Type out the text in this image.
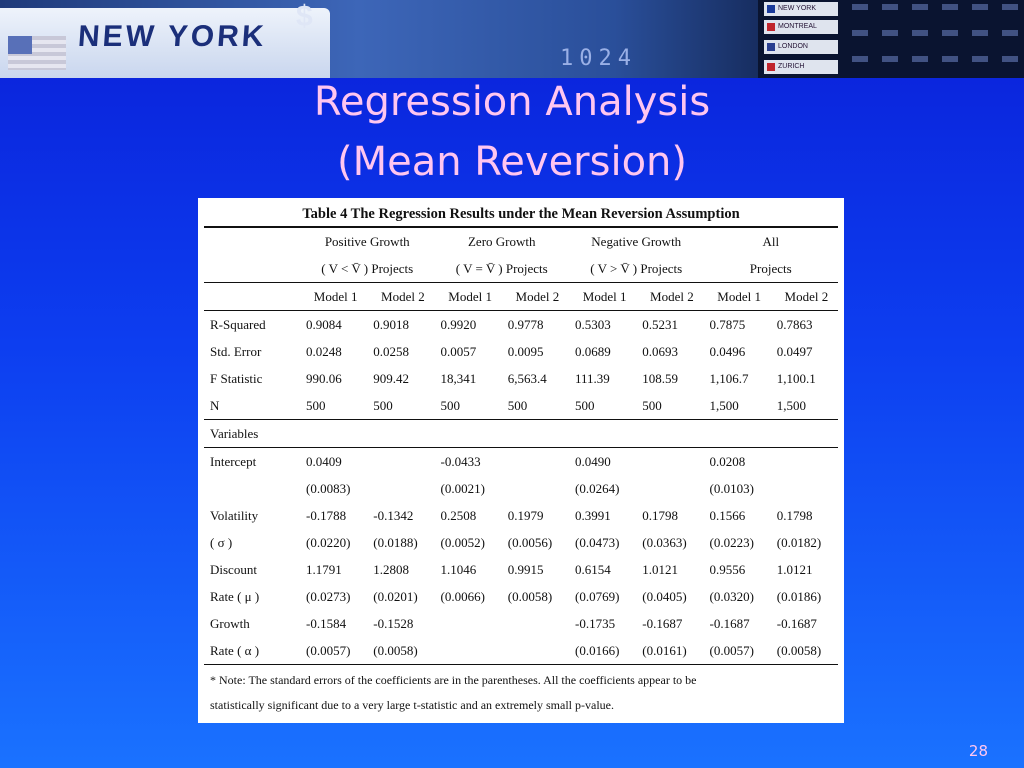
NEW YORK
$
1024
NEW YORK
MONTREAL
LONDON
ZURICH
Regression Analysis
(Mean Reversion)
Table 4 The Regression Results under the Mean Reversion Assumption
	Positive Growth		Zero Growth		Negative Growth		All	
	( V < V̄ ) Projects		( V = V̄ ) Projects		( V > V̄ ) Projects		Projects	
	Model 1	Model 2	Model 1	Model 2	Model 1	Model 2	Model 1	Model 2
R-Squared	0.9084	0.9018	0.9920	0.9778	0.5303	0.5231	0.7875	0.7863
Std. Error	0.0248	0.0258	0.0057	0.0095	0.0689	0.0693	0.0496	0.0497
F Statistic	990.06	909.42	18,341	6,563.4	111.39	108.59	1,106.7	1,100.1
N	500	500	500	500	500	500	1,500	1,500
Variables								
Intercept	0.0409		-0.0433		0.0490		0.0208	
	(0.0083)		(0.0021)		(0.0264)		(0.0103)	
Volatility	-0.1788	-0.1342	0.2508	0.1979	0.3991	0.1798	0.1566	0.1798
( σ )	(0.0220)	(0.0188)	(0.0052)	(0.0056)	(0.0473)	(0.0363)	(0.0223)	(0.0182)
Discount	1.1791	1.2808	1.1046	0.9915	0.6154	1.0121	0.9556	1.0121
Rate ( μ )	(0.0273)	(0.0201)	(0.0066)	(0.0058)	(0.0769)	(0.0405)	(0.0320)	(0.0186)
Growth	-0.1584	-0.1528			-0.1735	-0.1687	-0.1687	-0.1687
Rate ( α )	(0.0057)	(0.0058)			(0.0166)	(0.0161)	(0.0057)	(0.0058)
* Note: The standard errors of the coefficients are in the parentheses. All the coefficients appear to be
statistically significant due to a very large t-statistic and an extremely small p-value.
28
